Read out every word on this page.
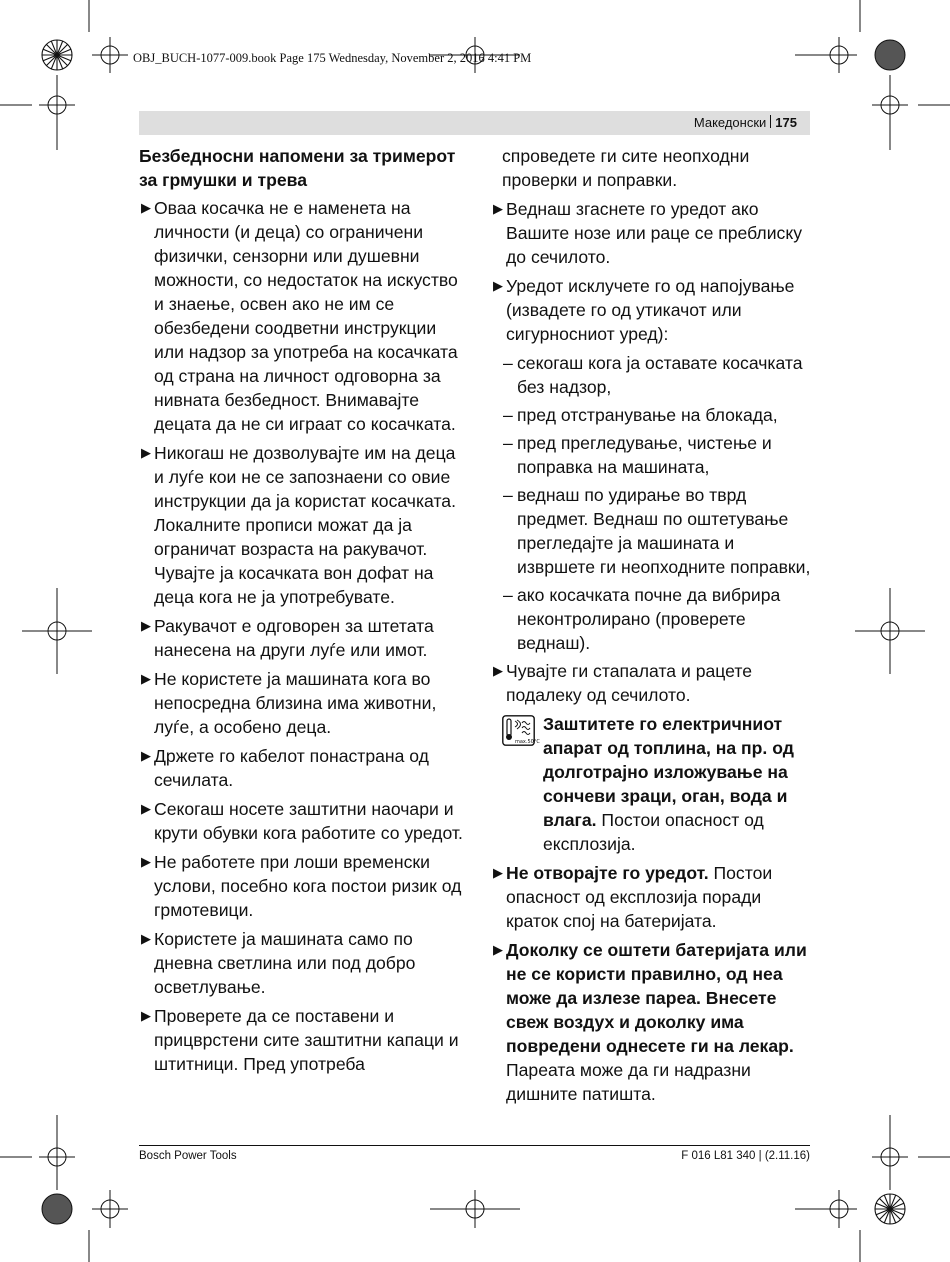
OBJ_BUCH-1077-009.book Page 175 Wednesday, November 2, 2016 4:41 PM
Македонски 175
Безбедносни напомени за тримерот за грмушки и трева
▶ Оваа косачка не е наменета на личности (и деца) со ограничени физички, сензорни или душевни можности, со недостаток на искуство и знаење, освен ако не им се обезбедени соодветни инструкции или надзор за употреба на косачката од страна на личност одговорна за нивната безбедност. Внимавајте децата да не си играат со косачката.
▶ Никогаш не дозволувајте им на деца и луѓе кои не се запознаени со овие инструкции да ја користат косачката. Локалните прописи можат да ја ограничат возраста на ракувачот. Чувајте ја косачката вон дофат на деца кога не ја употребувате.
▶ Ракувачот е одговорен за штетата нанесена на други луѓе или имот.
▶ Не користете ја машината кога во непосредна близина има животни, луѓе, а особено деца.
▶ Држете го кабелот понастрана од сечилата.
▶ Секогаш носете заштитни наочари и крути обувки кога работите со уредот.
▶ Не работете при лоши временски услови, посебно кога постои ризик од грмотевици.
▶ Користете ја машината само по дневна светлина или под добро осветлување.
▶ Проверете да се поставени и прицврстени сите заштитни капаци и штитници. Пред употреба
спроведете ги сите неопходни проверки и поправки.
▶ Веднаш згаснете го уредот ако Вашите нозе или раце се преблиску до сечилото.
▶ Уредот исклучете го од напојување (извадете го од утикачот или сигурносниот уред):
– секогаш кога ја оставате косачката без надзор,
– пред отстранување на блокада,
– пред прегледување, чистење и поправка на машината,
– веднаш по удирање во тврд предмет. Веднаш по оштетување прегледајте ја машината и извршете ги неопходните поправки,
– ако косачката почне да вибрира неконтролирано (проверете веднаш).
▶ Чувајте ги стапалата и рацете подалеку од сечилото.
max.50°C
Заштитете го електричниот апарат од топлина, на пр. од долготрајно изложување на сончеви зраци, оган, вода и влага. Постои опасност од експлозија.
▶ Не отворајте го уредот. Постои опасност од експлозија поради краток спој на батеријата.
▶ Доколку се оштети батеријата или не се користи правилно, од неа може да излезе пареа. Внесете свеж воздух и доколку има повредени однесете ги на лекар. Пареата може да ги надразни дишните патишта.
Bosch Power Tools	F 016 L81 340 | (2.11.16)
